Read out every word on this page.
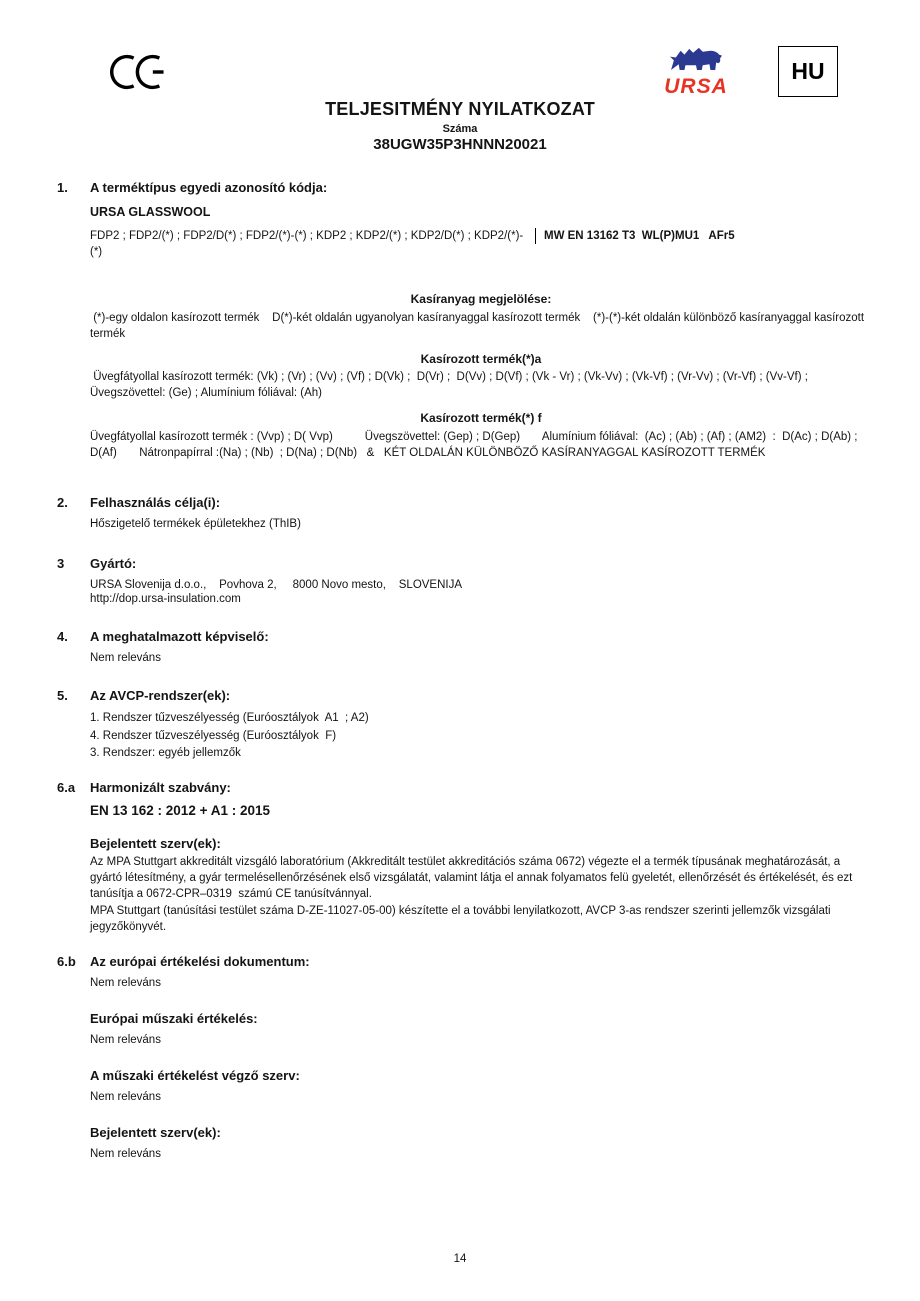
URSA
HU
TELJESITMÉNY NYILATKOZAT
Száma
38UGW35P3HNNN20021
1.	A terméktípus egyedi azonosító kódja:
URSA GLASSWOOL
FDP2 ; FDP2/(*) ; FDP2/D(*) ; FDP2/(*)-(*) ; KDP2 ; KDP2/(*) ; KDP2/D(*) ; KDP2/(*)-(*)
MW EN 13162 T3  WL(P)MU1   AFr5
Kasíranyag megjelölése:
(*)-egy oldalon kasírozott termék    D(*)-két oldalán ugyanolyan kasíranyaggal kasírozott termék    (*)-(*)-két oldalán különböző kasíranyaggal kasírozott termék
Kasírozott termék(*)a
Üvegfátyollal kasírozott termék: (Vk) ; (Vr) ; (Vv) ; (Vf) ; D(Vk) ;  D(Vr) ;  D(Vv) ; D(Vf) ; (Vk - Vr) ; (Vk-Vv) ; (Vk-Vf) ; (Vr-Vv) ; (Vr-Vf) ; (Vv-Vf) ; Üvegszövettel: (Ge) ; Alumínium fóliával: (Ah)
Kasírozott termék(*) f
Üvegfátyollal kasírozott termék : (Vvp) ; D( Vvp)          Üvegszövettel: (Gep) ; D(Gep)       Alumínium fóliával:  (Ac) ; (Ab) ; (Af) ; (AM2)  :  D(Ac) ; D(Ab) ; D(Af)       Nátronpapírral :(Na) ; (Nb)  ; D(Na) ; D(Nb)   &   KÉT OLDALÁN KÜLÖNBÖZŐ KASÍRANYAGGAL KASÍROZOTT TERMÉK
2.	Felhasználás célja(i):
Hőszigetelő termékek épületekhez (ThIB)
3	Gyártó:
URSA Slovenija d.o.o.,    Povhova 2,     8000 Novo mesto,    SLOVENIJA
http://dop.ursa-insulation.com
4.	A meghatalmazott képviselő:
Nem releváns
5.	Az AVCP-rendszer(ek):
1. Rendszer tűzveszélyesség (Euróosztályok  A1  ; A2)
4. Rendszer tűzveszélyesség (Euróosztályok  F)
3. Rendszer: egyéb jellemzők
6.a	Harmonizált szabvány:
EN 13 162 : 2012 + A1 : 2015
Bejelentett szerv(ek):
Az MPA Stuttgart akkreditált vizsgáló laboratórium (Akkreditált testület akkreditációs száma 0672) végezte el a termék típusának meghatározását, a gyártó létesítmény, a gyár termelésellenőrzésének első vizsgálatát, valamint látja el annak folyamatos felü gyeletét, ellenőrzését és értékelését, és ezt tanúsítja a 0672-CPR–0319  számú CE tanúsítvánnyal.
MPA Stuttgart (tanúsítási testület száma D-ZE-11027-05-00) készítette el a további lenyilatkozott, AVCP 3-as rendszer szerinti jellemzők vizsgálati jegyzőkönyvét.
6.b	Az európai értékelési dokumentum:
Nem releváns
Európai műszaki értékelés:
Nem releváns
A műszaki értékelést végző szerv:
Nem releváns
Bejelentett szerv(ek):
Nem releváns
14
